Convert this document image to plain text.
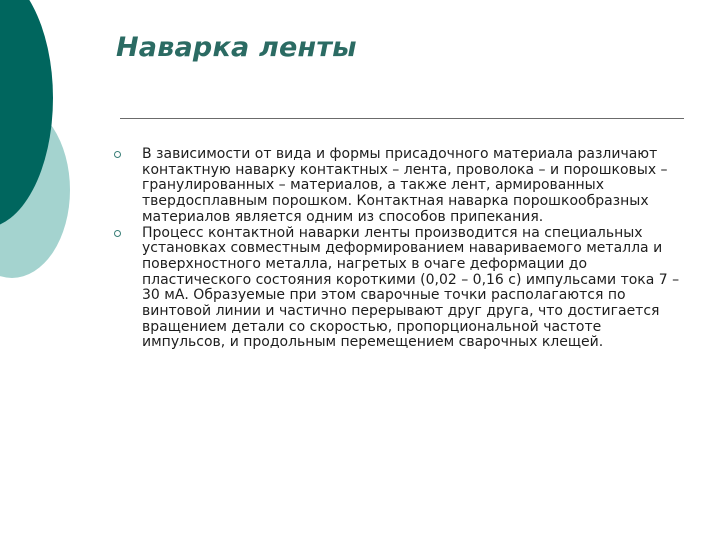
Наварка ленты
В зависимости от вида и формы присадочного материала различают контактную наварку контактных – лента, проволока – и порошковых –гранулированных – материалов, а также лент, армированных твердосплавным порошком. Контактная наварка порошкообразных материалов является одним из способов припекания.
Процесс контактной наварки ленты производится на специальных установках совместным деформированием навариваемого металла и поверхностного металла, нагретых в очаге деформации до пластического состояния короткими (0,02 – 0,16 с) импульсами тока 7 – 30 мА. Образуемые при этом сварочные точки располагаются по винтовой линии и частично перерывают друг друга, что достигается вращением детали со скоростью, пропорциональной частоте импульсов, и продольным перемещением сварочных клещей.
